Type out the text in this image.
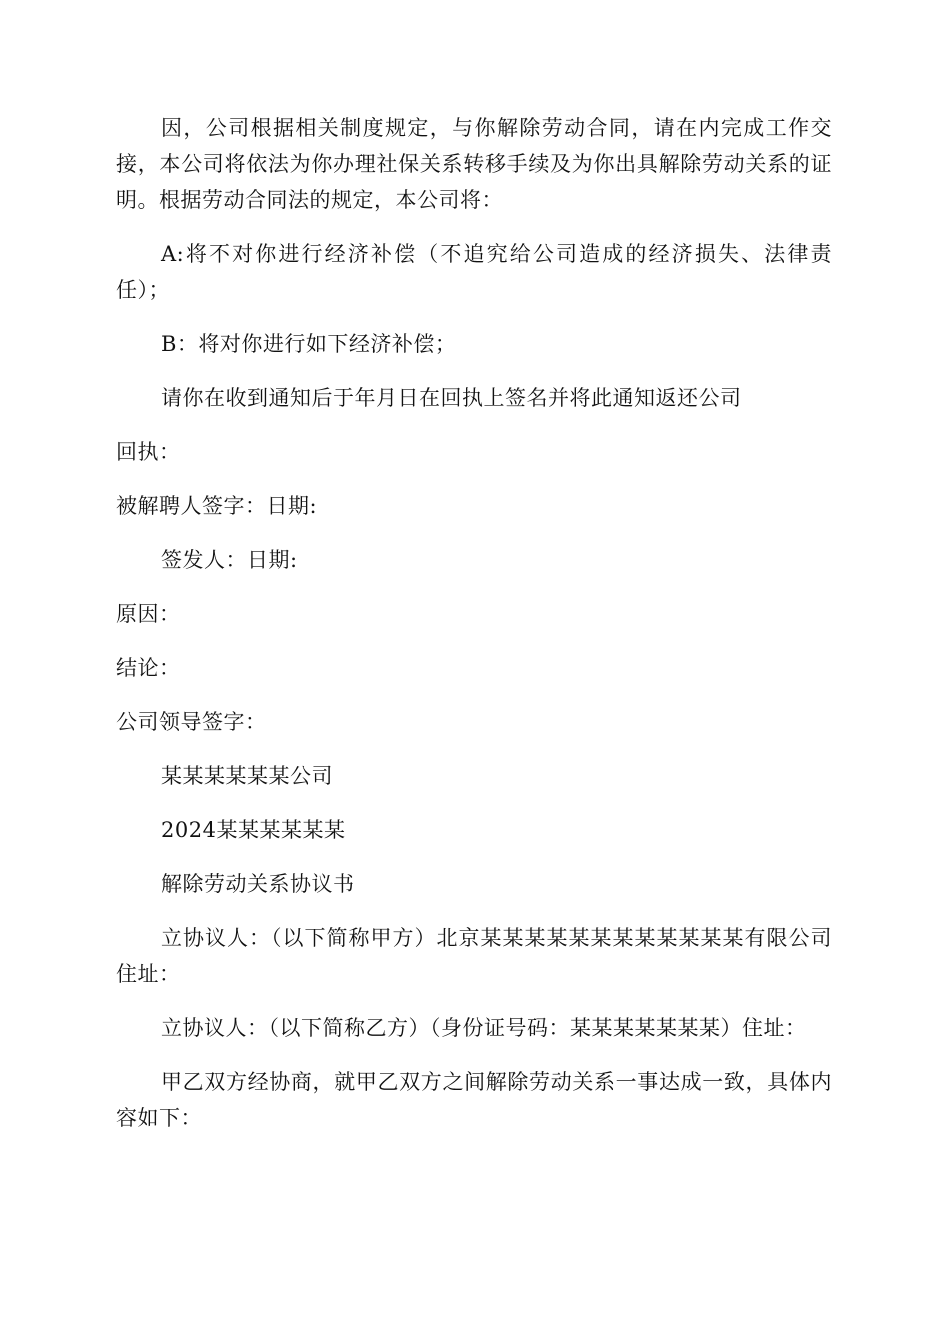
因，公司根据相关制度规定，与你解除劳动合同，请在内完成工作交接，本公司将依法为你办理社保关系转移手续及为你出具解除劳动关系的证明。根据劳动合同法的规定，本公司将：

A:将不对你进行经济补偿（不追究给公司造成的经济损失、法律责任）；

B：将对你进行如下经济补偿；

请你在收到通知后于年月日在回执上签名并将此通知返还公司

回执：

被解聘人签字：日期:

签发人：日期:

原因：

结论：

公司领导签字：

某某某某某某公司

2024某某某某某某

解除劳动关系协议书

立协议人：（以下简称甲方）北京某某某某某某某某某某某某有限公司住址：

立协议人：（以下简称乙方）（身份证号码：某某某某某某某）住址：

甲乙双方经协商，就甲乙双方之间解除劳动关系一事达成一致，具体内容如下：
